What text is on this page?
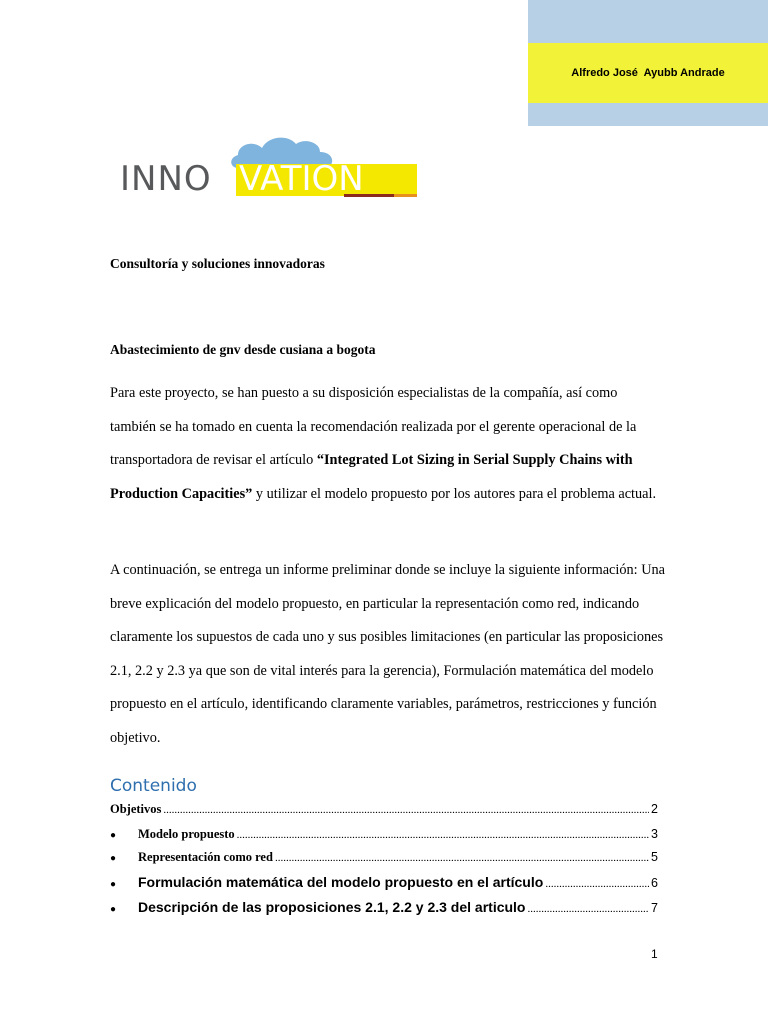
Alfredo José  Ayubb Andrade
INNO VATION
Consultoría y soluciones innovadoras
Abastecimiento de gnv desde cusiana a bogota

Para este proyecto, se han puesto a su disposición especialistas de la compañía, así como también se ha tomado en cuenta la recomendación realizada por el gerente operacional de la transportadora de revisar el artículo “Integrated Lot Sizing in Serial Supply Chains with Production Capacities” y utilizar el modelo propuesto por los autores para el problema actual.

A continuación, se entrega un informe preliminar donde se incluye la siguiente información: Una breve explicación del modelo propuesto, en particular la representación como red, indicando claramente los supuestos de cada uno y sus posibles limitaciones (en particular las proposiciones 2.1, 2.2 y 2.3 ya que son de vital interés para la gerencia), Formulación matemática del modelo propuesto en el artículo, identificando claramente variables, parámetros, restricciones y función objetivo.

Contenido
Objetivos .....	2
●	Modelo propuesto .....	3
●	Representación como red .....	5
●	Formulación matemática del modelo propuesto en el artículo .....	6
●	Descripción de las proposiciones 2.1, 2.2 y 2.3 del articulo .....	7
1
